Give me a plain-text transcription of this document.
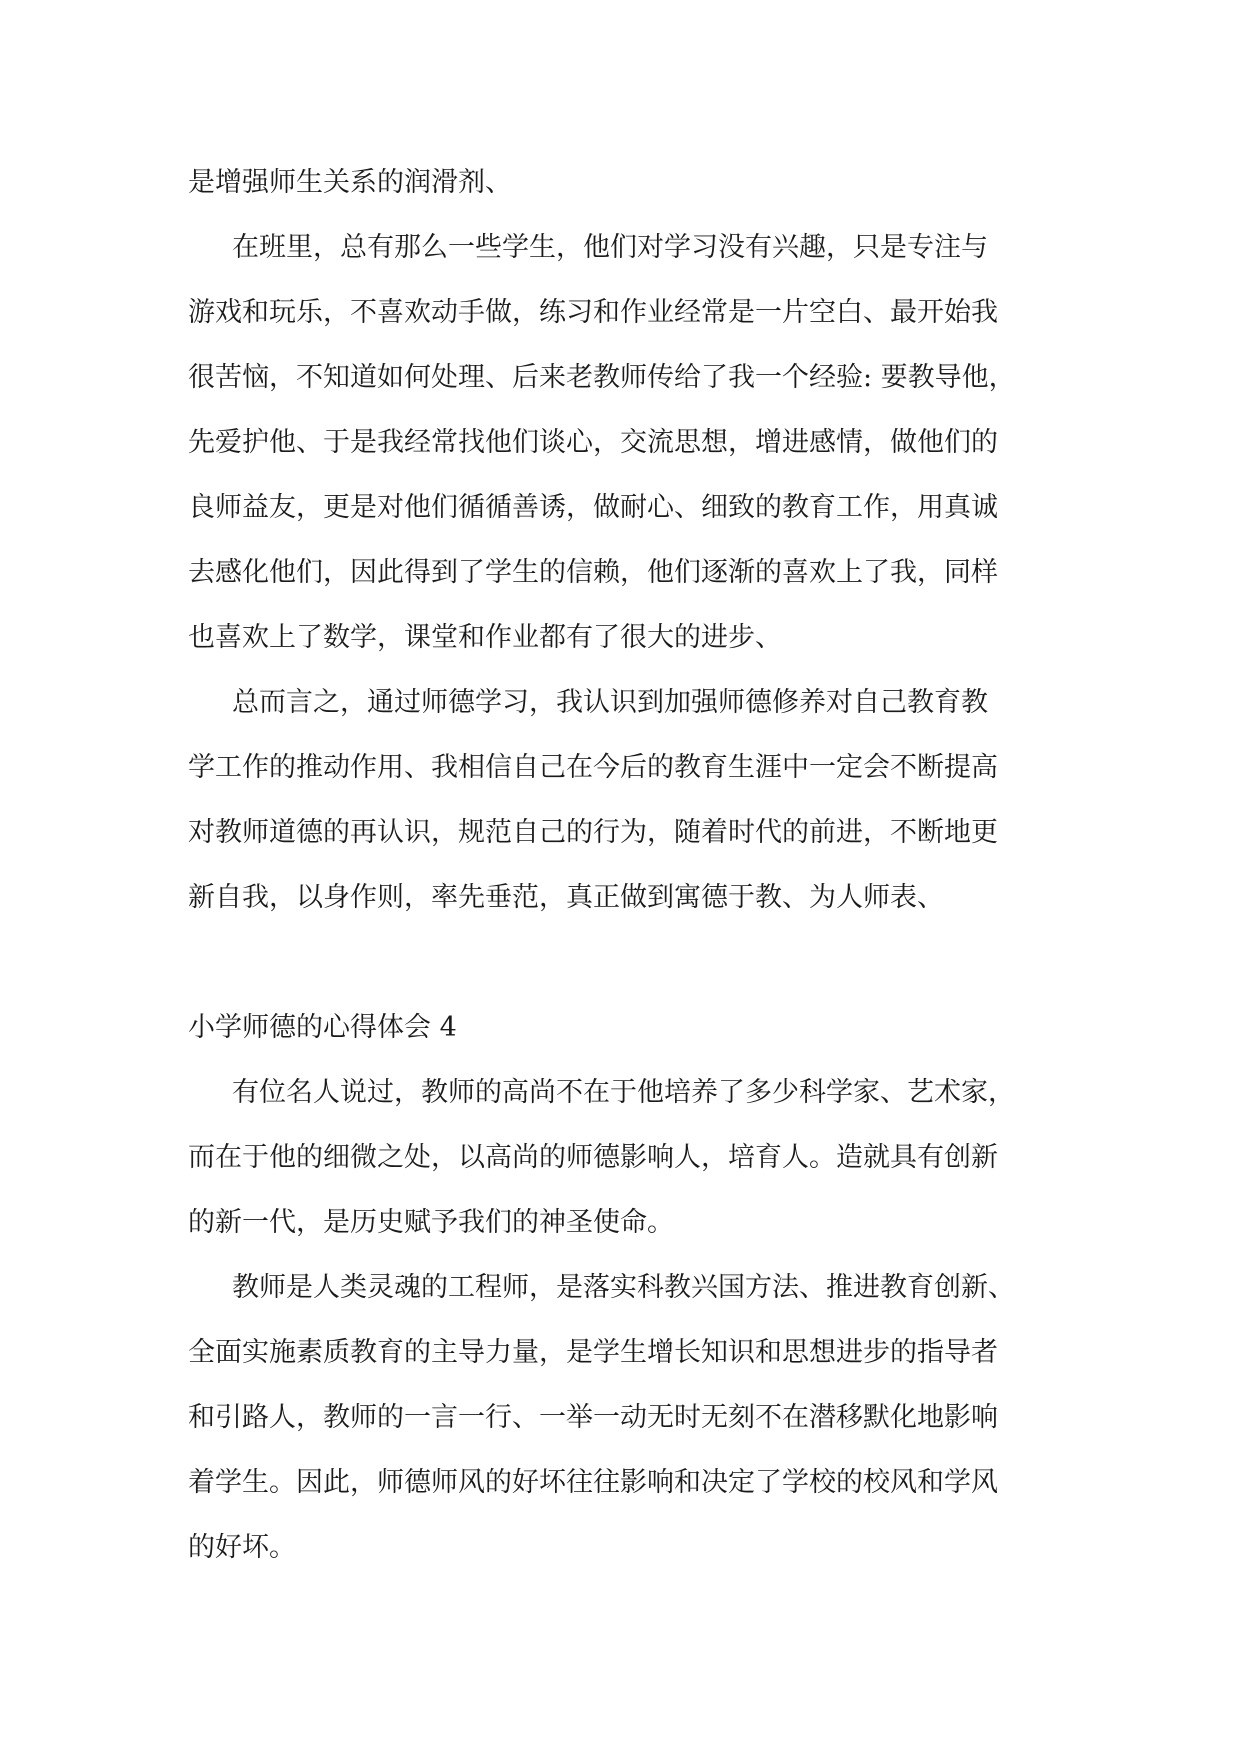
是增强师生关系的润滑剂、

在班里，总有那么一些学生，他们对学习没有兴趣，只是专注与

游戏和玩乐，不喜欢动手做，练习和作业经常是一片空白、最开始我

很苦恼，不知道如何处理、后来老教师传给了我一个经验: 要教导他，

先爱护他、于是我经常找他们谈心，交流思想，增进感情，做他们的

良师益友，更是对他们循循善诱，做耐心、细致的教育工作，用真诚

去感化他们，因此得到了学生的信赖，他们逐渐的喜欢上了我，同样

也喜欢上了数学，课堂和作业都有了很大的进步、

总而言之，通过师德学习，我认识到加强师德修养对自己教育教

学工作的推动作用、我相信自己在今后的教育生涯中一定会不断提高

对教师道德的再认识，规范自己的行为，随着时代的前进，不断地更

新自我，以身作则，率先垂范，真正做到寓德于教、为人师表、

小学师德的心得体会 4

有位名人说过，教师的高尚不在于他培养了多少科学家、艺术家，

而在于他的细微之处，以高尚的师德影响人，培育人。造就具有创新

的新一代，是历史赋予我们的神圣使命。

教师是人类灵魂的工程师，是落实科教兴国方法、推进教育创新、

全面实施素质教育的主导力量，是学生增长知识和思想进步的指导者

和引路人，教师的一言一行、一举一动无时无刻不在潜移默化地影响

着学生。因此，师德师风的好坏往往影响和决定了学校的校风和学风

的好坏。
